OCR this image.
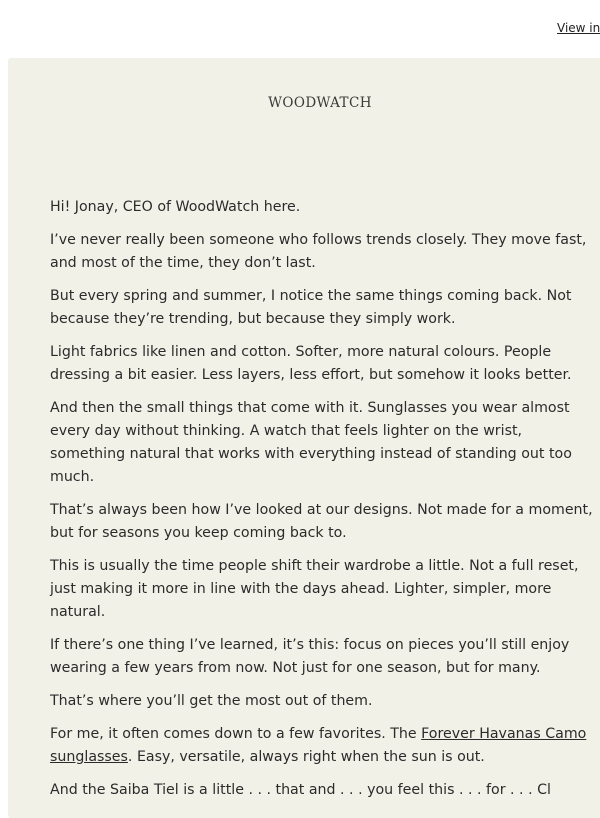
View in
WOODWATCH

Hi! Jonay, CEO of WoodWatch here.

I’ve never really been someone who follows trends closely. They move fast, and most of the time, they don’t last.

But every spring and summer, I notice the same things coming back. Not because they’re trending, but because they simply work.

Light fabrics like linen and cotton. Softer, more natural colours. People dressing a bit easier. Less layers, less effort, but somehow it looks better.

And then the small things that come with it. Sunglasses you wear almost every day without thinking. A watch that feels lighter on the wrist, something natural that works with everything instead of standing out too much.

That’s always been how I’ve looked at our designs. Not made for a moment, but for seasons you keep coming back to.

This is usually the time people shift their wardrobe a little. Not a full reset, just making it more in line with the days ahead. Lighter, simpler, more natural.

If there’s one thing I’ve learned, it’s this: focus on pieces you’ll still enjoy wearing a few years from now. Not just for one season, but for many.

That’s where you’ll get the most out of them.

For me, it often comes down to a few favorites. The Forever Havanas Camo sunglasses. Easy, versatile, always right when the sun is out.

And the Saiba Tiel is a little . . . that and . . . you feel this . . . for . . . Cl
